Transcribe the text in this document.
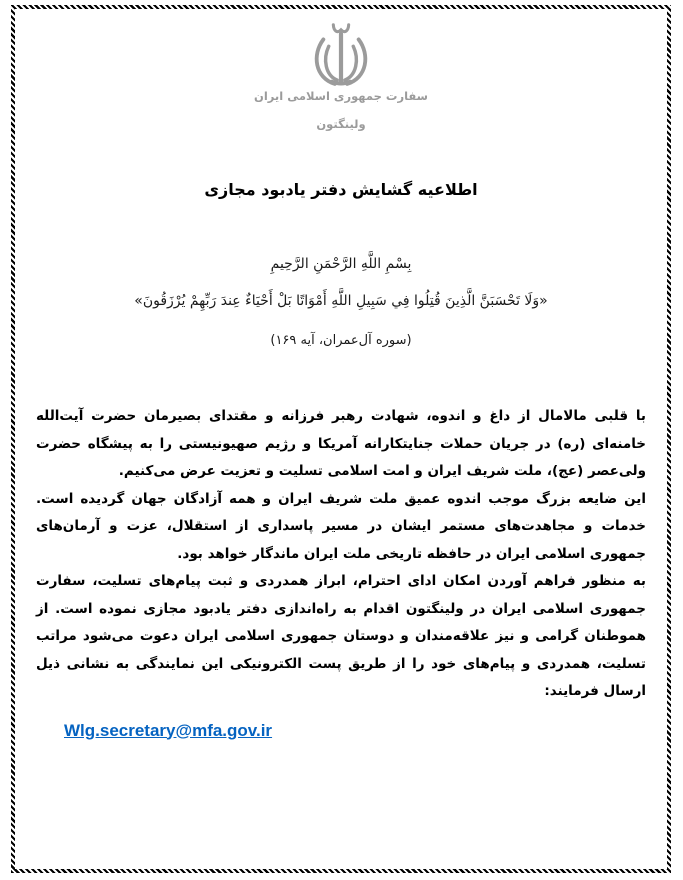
سفارت جمهوری اسلامی ایران
ولینگتون
اطلاعیه گشایش دفتر یادبود مجازی

بِسْمِ اللَّهِ الرَّحْمَنِ الرَّحِيمِ

«وَلَا تَحْسَبَنَّ الَّذِينَ قُتِلُوا فِي سَبِيلِ اللَّهِ أَمْوَاتًا بَلْ أَحْيَاءٌ عِندَ رَبِّهِمْ يُرْزَقُونَ»

(سوره آل‌عمران، آیه ۱۶۹)

با قلبی مالامال از داغ و اندوه، شهادت رهبر فرزانه و مقتدای بصیرمان حضرت آیت‌الله خامنه‌ای (ره) در جریان حملات جنایتکارانه آمریکا و رژیم صهیونیستی را به پیشگاه حضرت ولی‌عصر (عج)، ملت شریف ایران و امت اسلامی تسلیت و تعزیت عرض می‌کنیم.

این ضایعه بزرگ موجب اندوه عمیق ملت شریف ایران و همه آزادگان جهان گردیده است. خدمات و مجاهدت‌های مستمر ایشان در مسیر پاسداری از استقلال، عزت و آرمان‌های جمهوری اسلامی ایران در حافظه تاریخی ملت ایران ماندگار خواهد بود.

به منظور فراهم آوردن امکان ادای احترام، ابراز همدردی و ثبت پیام‌های تسلیت، سفارت جمهوری اسلامی ایران در ولینگتون اقدام به راه‌اندازی دفتر یادبود مجازی نموده است. از هموطنان گرامی و نیز علاقه‌مندان و دوستان جمهوری اسلامی ایران دعوت می‌شود مراتب تسلیت، همدردی و پیام‌های خود را از طریق پست الکترونیکی این نمایندگی به نشانی ذیل ارسال فرمایند:

Wlg.secretary@mfa.gov.ir
